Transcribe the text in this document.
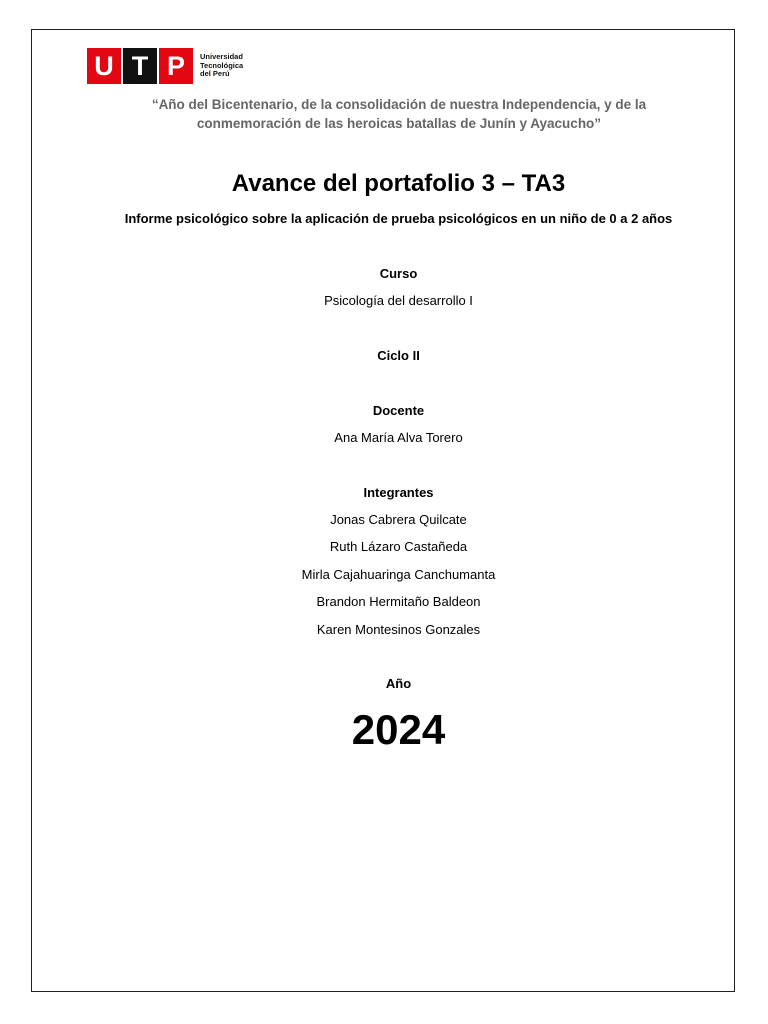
U T P	Universidad
Tecnológica
del Perú
“Año del Bicentenario, de la consolidación de nuestra Independencia, y de la
conmemoración de las heroicas batallas de Junín y Ayacucho”
Avance del portafolio 3 – TA3
Informe psicológico sobre la aplicación de prueba psicológicos en un niño de 0 a 2 años
Curso
Psicología del desarrollo I
Ciclo II
Docente
Ana María Alva Torero
Integrantes
Jonas Cabrera Quilcate
Ruth Lázaro Castañeda
Mirla Cajahuaringa Canchumanta
Brandon Hermitaño Baldeon
Karen Montesinos Gonzales
Año
2024
